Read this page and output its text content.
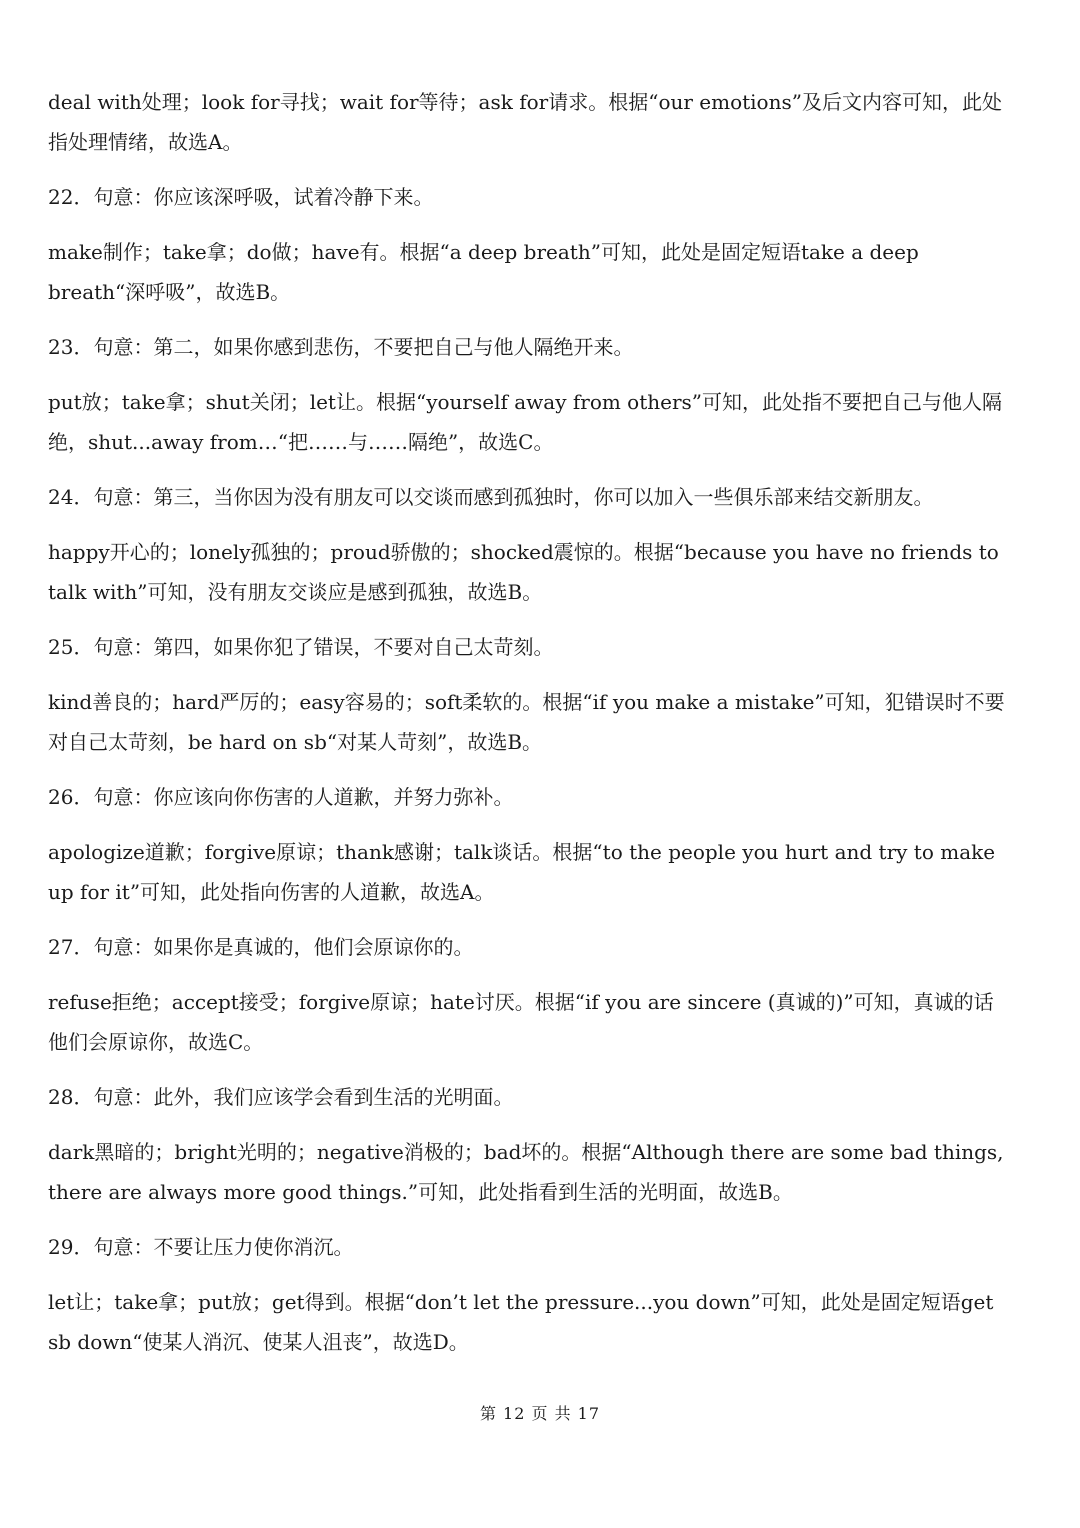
deal with处理；look for寻找；wait for等待；ask for请求。根据“our emotions”及后文内容可知，此处指处理情绪，故选A。

22．句意：你应该深呼吸，试着冷静下来。

make制作；take拿；do做；have有。根据“a deep breath”可知，此处是固定短语take a deep breath“深呼吸”，故选B。

23．句意：第二，如果你感到悲伤，不要把自己与他人隔绝开来。

put放；take拿；shut关闭；let让。根据“yourself away from others”可知，此处指不要把自己与他人隔绝，shut...away from…“把……与……隔绝”，故选C。

24．句意：第三，当你因为没有朋友可以交谈而感到孤独时，你可以加入一些俱乐部来结交新朋友。

happy开心的；lonely孤独的；proud骄傲的；shocked震惊的。根据“because you have no friends to talk with”可知，没有朋友交谈应是感到孤独，故选B。

25．句意：第四，如果你犯了错误，不要对自己太苛刻。

kind善良的；hard严厉的；easy容易的；soft柔软的。根据“if you make a mistake”可知，犯错误时不要对自己太苛刻，be hard on sb“对某人苛刻”，故选B。

26．句意：你应该向你伤害的人道歉，并努力弥补。

apologize道歉；forgive原谅；thank感谢；talk谈话。根据“to the people you hurt and try to make up for it”可知，此处指向伤害的人道歉，故选A。

27．句意：如果你是真诚的，他们会原谅你的。

refuse拒绝；accept接受；forgive原谅；hate讨厌。根据“if you are sincere (真诚的)”可知，真诚的话他们会原谅你，故选C。

28．句意：此外，我们应该学会看到生活的光明面。

dark黑暗的；bright光明的；negative消极的；bad坏的。根据“Although there are some bad things, there are always more good things.”可知，此处指看到生活的光明面，故选B。

29．句意：不要让压力使你消沉。

let让；take拿；put放；get得到。根据“don’t let the pressure...you down”可知，此处是固定短语get sb down“使某人消沉、使某人沮丧”，故选D。

第 12 页 共 17
